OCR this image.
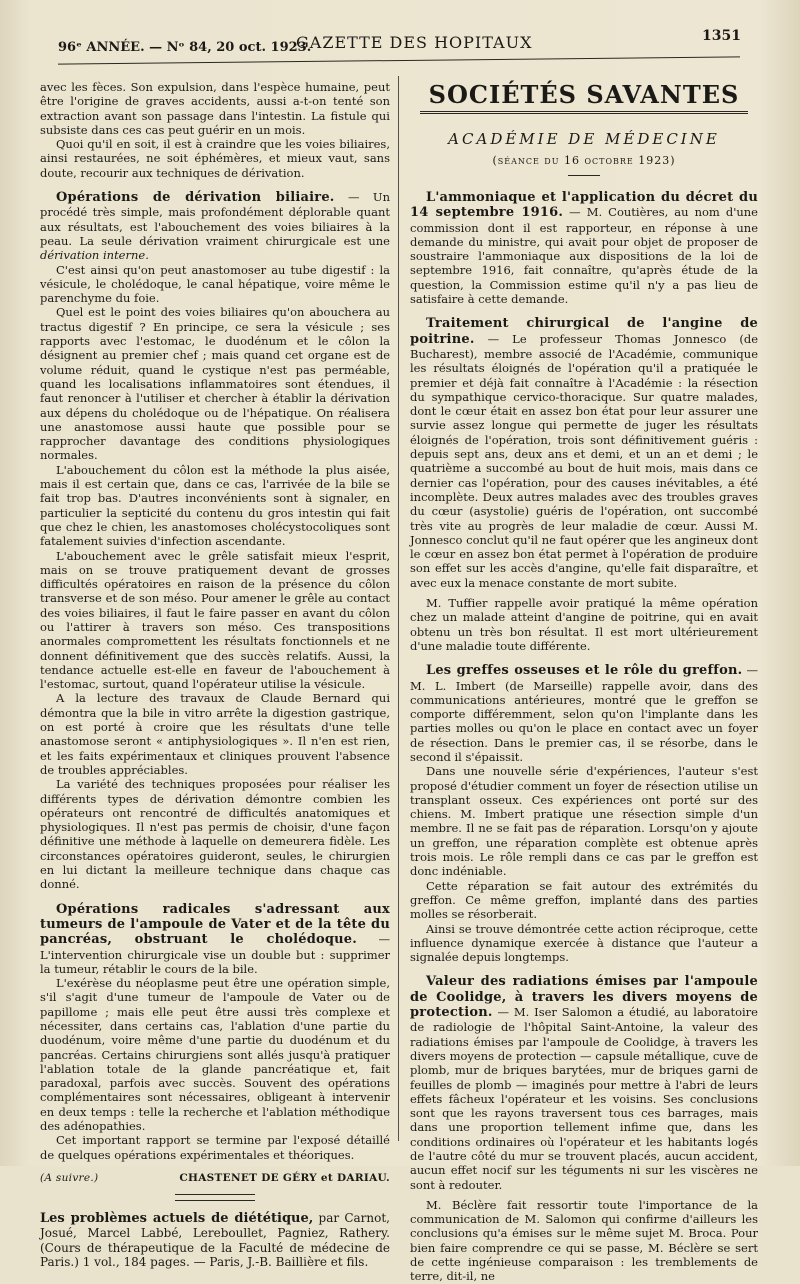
96ᵉ ANNÉE. — Nᵒ 84, 20 oct. 1923.
GAZETTE DES HOPITAUX	1351

avec les fèces. Son expulsion, dans l'espèce humaine, peut être l'origine de graves accidents, aussi a-t-on tenté son extraction avant son passage dans l'intestin. La fistule qui subsiste dans ces cas peut guérir en un mois.

Quoi qu'il en soit, il est à craindre que les voies biliaires, ainsi restaurées, ne soit éphémères, et mieux vaut, sans doute, recourir aux techniques de dérivation.

Opérations de dérivation biliaire. — Un procédé très simple, mais profondément déplorable quant aux résultats, est l'abouchement des voies biliaires à la peau. La seule dérivation vraiment chirurgicale est une dérivation interne.

C'est ainsi qu'on peut anastomoser au tube digestif : la vésicule, le cholédoque, le canal hépatique, voire même le parenchyme du foie.

Quel est le point des voies biliaires qu'on abouchera au tractus digestif ? En principe, ce sera la vésicule ; ses rapports avec l'estomac, le duodénum et le côlon la désignent au premier chef ; mais quand cet organe est de volume réduit, quand le cystique n'est pas perméable, quand les localisations inflammatoires sont étendues, il faut renoncer à l'utiliser et chercher à établir la dérivation aux dépens du cholédoque ou de l'hépatique. On réalisera une anastomose aussi haute que possible pour se rapprocher davantage des conditions physiologiques normales.

L'abouchement du côlon est la méthode la plus aisée, mais il est certain que, dans ce cas, l'arrivée de la bile se fait trop bas. D'autres inconvénients sont à signaler, en particulier la septicité du contenu du gros intestin qui fait que chez le chien, les anastomoses cholécystocoliques sont fatalement suivies d'infection ascendante.

L'abouchement avec le grêle satisfait mieux l'esprit, mais on se trouve pratiquement devant de grosses difficultés opératoires en raison de la présence du côlon transverse et de son méso. Pour amener le grêle au contact des voies biliaires, il faut le faire passer en avant du côlon ou l'attirer à travers son méso. Ces transpositions anormales compromettent les résultats fonctionnels et ne donnent définitivement que des succès relatifs. Aussi, la tendance actuelle est-elle en faveur de l'abouchement à l'estomac, surtout, quand l'opérateur utilise la vésicule.

A la lecture des travaux de Claude Bernard qui démontra que la bile in vitro arrête la digestion gastrique, on est porté à croire que les résultats d'une telle anastomose seront « antiphysiologiques ». Il n'en est rien, et les faits expérimentaux et cliniques prouvent l'absence de troubles appréciables.

La variété des techniques proposées pour réaliser les différents types de dérivation démontre combien les opérateurs ont rencontré de difficultés anatomiques et physiologiques. Il n'est pas permis de choisir, d'une façon définitive une méthode à laquelle on demeurera fidèle. Les circonstances opératoires guideront, seules, le chirurgien en lui dictant la meilleure technique dans chaque cas donné.

Opérations radicales s'adressant aux tumeurs de l'ampoule de Vater et de la tête du pancréas, obstruant le cholédoque. — L'intervention chirurgicale vise un double but : supprimer la tumeur, rétablir le cours de la bile.

L'exérèse du néoplasme peut être une opération simple, s'il s'agit d'une tumeur de l'ampoule de Vater ou de papillome ; mais elle peut être aussi très complexe et nécessiter, dans certains cas, l'ablation d'une partie du duodénum, voire même d'une partie du duodénum et du pancréas. Certains chirurgiens sont allés jusqu'à pratiquer l'ablation totale de la glande pancréatique et, fait paradoxal, parfois avec succès. Souvent des opérations complémentaires sont nécessaires, obligeant à intervenir en deux temps : telle la recherche et l'ablation méthodique des adénopathies.

Cet important rapport se termine par l'exposé détaillé de quelques opérations expérimentales et théoriques.

(A suivre.)	CHASTENET DE GÉRY et DARIAU.

Les problèmes actuels de diététique, par Carnot, Josué, Marcel Labbé, Lereboullet, Pagniez, Rathery. (Cours de thérapeutique de la Faculté de médecine de Paris.) 1 vol., 184 pages. — Paris, J.-B. Baillière et fils.

SOCIÉTÉS SAVANTES
ACADÉMIE DE MÉDECINE
(séance du 16 octobre 1923)

L'ammoniaque et l'application du décret du 14 septembre 1916. — M. Coutières, au nom d'une commission dont il est rapporteur, en réponse à une demande du ministre, qui avait pour objet de proposer de soustraire l'ammoniaque aux dispositions de la loi de septembre 1916, fait connaître, qu'après étude de la question, la Commission estime qu'il n'y a pas lieu de satisfaire à cette demande.

Traitement chirurgical de l'angine de poitrine. — Le professeur Thomas Jonnesco (de Bucharest), membre associé de l'Académie, communique les résultats éloignés de l'opération qu'il a pratiquée le premier et déjà fait connaître à l'Académie : la résection du sympathique cervico-thoracique. Sur quatre malades, dont le cœur était en assez bon état pour leur assurer une survie assez longue qui permette de juger les résultats éloignés de l'opération, trois sont définitivement guéris : depuis sept ans, deux ans et demi, et un an et demi ; le quatrième a succombé au bout de huit mois, mais dans ce dernier cas l'opération, pour des causes inévitables, a été incomplète. Deux autres malades avec des troubles graves du cœur (asystolie) guéris de l'opération, ont succombé très vite au progrès de leur maladie de cœur. Aussi M. Jonnesco conclut qu'il ne faut opérer que les angineux dont le cœur en assez bon état permet à l'opération de produire son effet sur les accès d'angine, qu'elle fait disparaître, et avec eux la menace constante de mort subite.

M. Tuffier rappelle avoir pratiqué la même opération chez un malade atteint d'angine de poitrine, qui en avait obtenu un très bon résultat. Il est mort ultérieurement d'une maladie toute différente.

Les greffes osseuses et le rôle du greffon. — M. L. Imbert (de Marseille) rappelle avoir, dans des communications antérieures, montré que le greffon se comporte différemment, selon qu'on l'implante dans les parties molles ou qu'on le place en contact avec un foyer de résection. Dans le premier cas, il se résorbe, dans le second il s'épaissit.

Dans une nouvelle série d'expériences, l'auteur s'est proposé d'étudier comment un foyer de résection utilise un transplant osseux. Ces expériences ont porté sur des chiens. M. Imbert pratique une résection simple d'un membre. Il ne se fait pas de réparation. Lorsqu'on y ajoute un greffon, une réparation complète est obtenue après trois mois. Le rôle rempli dans ce cas par le greffon est donc indéniable.

Cette réparation se fait autour des extrémités du greffon. Ce même greffon, implanté dans des parties molles se résorberait.

Ainsi se trouve démontrée cette action réciproque, cette influence dynamique exercée à distance que l'auteur a signalée depuis longtemps.

Valeur des radiations émises par l'ampoule de Coolidge, à travers les divers moyens de protection. — M. Iser Salomon a étudié, au laboratoire de radiologie de l'hôpital Saint-Antoine, la valeur des radiations émises par l'ampoule de Coolidge, à travers les divers moyens de protection — capsule métallique, cuve de plomb, mur de briques barytées, mur de briques garni de feuilles de plomb — imaginés pour mettre à l'abri de leurs effets fâcheux l'opérateur et les voisins. Ses conclusions sont que les rayons traversent tous ces barrages, mais dans une proportion tellement infime que, dans les conditions ordinaires où l'opérateur et les habitants logés de l'autre côté du mur se trouvent placés, aucun accident, aucun effet nocif sur les téguments ni sur les viscères ne sont à redouter.

M. Béclère fait ressortir toute l'importance de la communication de M. Salomon qui confirme d'ailleurs les conclusions qu'a émises sur le même sujet M. Broca. Pour bien faire comprendre ce qui se passe, M. Béclère se sert de cette ingénieuse comparaison : les tremblements de terre, dit-il, ne
